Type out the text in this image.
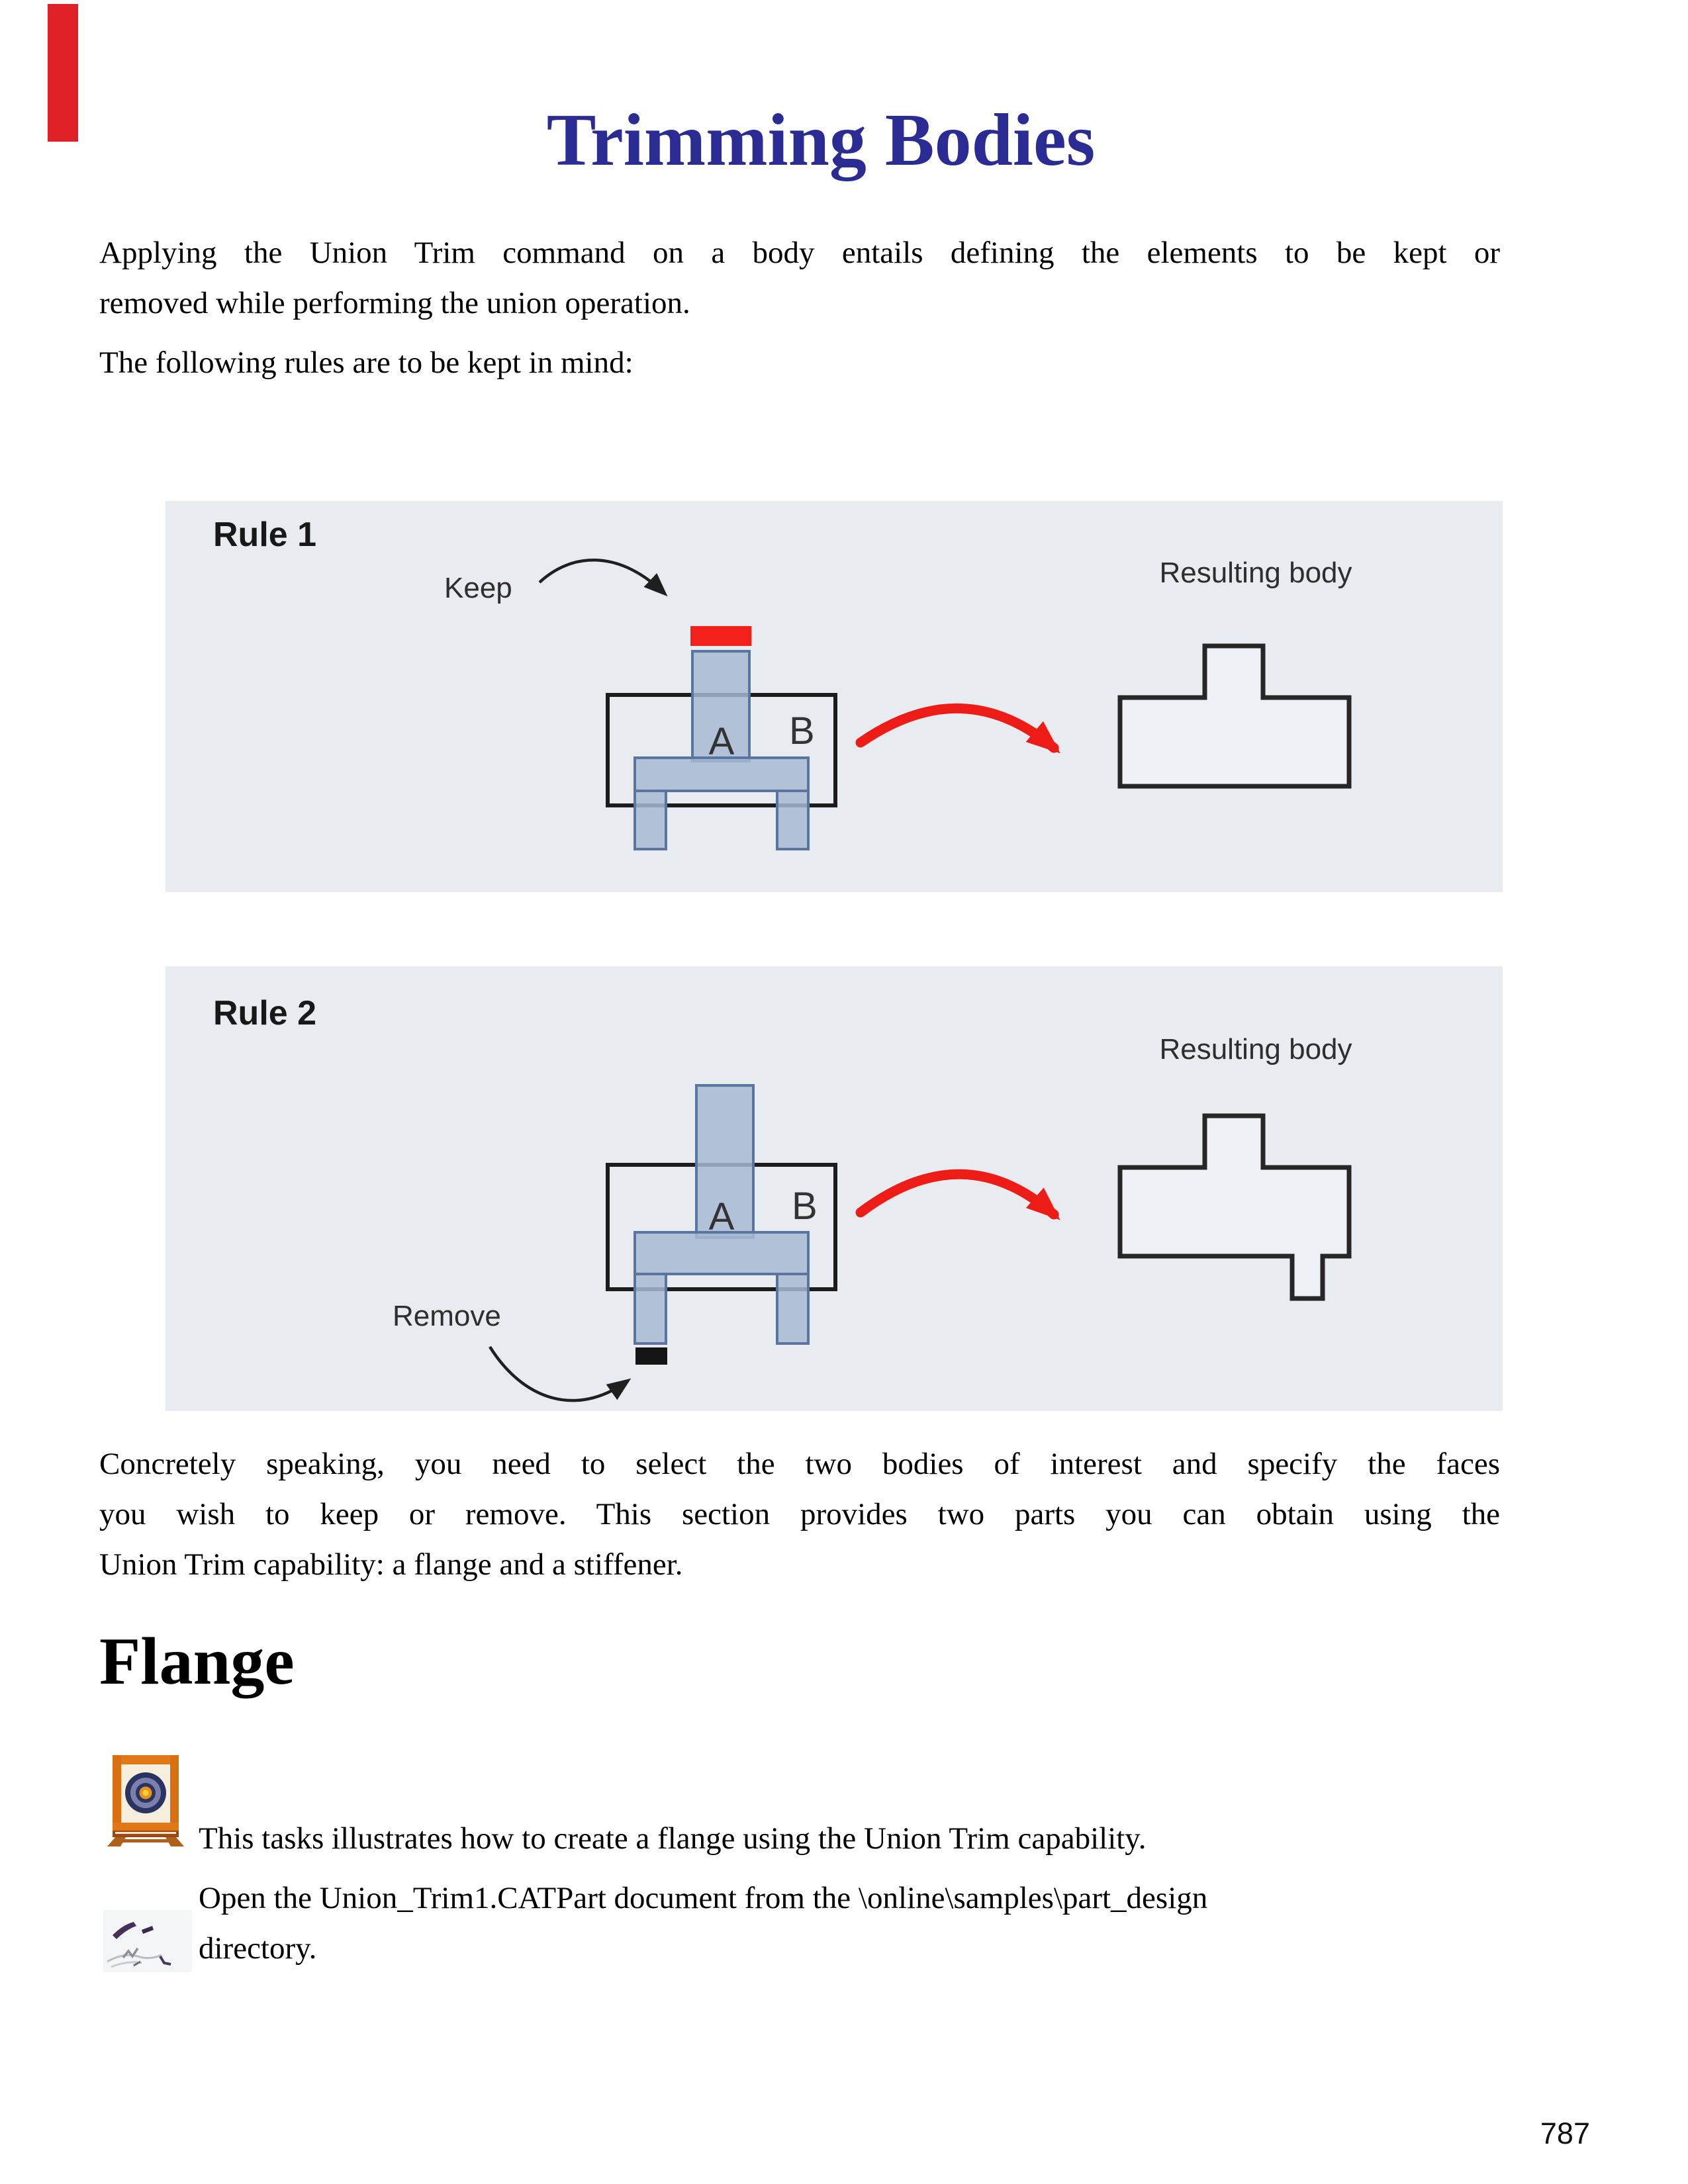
Trimming Bodies
Applying the Union Trim command on a body entails defining the elements to be kept or
removed while performing the union operation.
The following rules are to be kept in mind:
Rule 1
Resulting body
Keep
A B
Rule 2
Resulting body
A B
Remove
Concretely speaking, you need to select the two bodies of interest and specify the faces
you wish to keep or remove. This section provides two parts you can obtain using the
Union Trim capability: a flange and a stiffener.
Flange
This tasks illustrates how to create a flange using the Union Trim capability.
Open the Union_Trim1.CATPart document from the \online\samples\part_design
directory.
787
